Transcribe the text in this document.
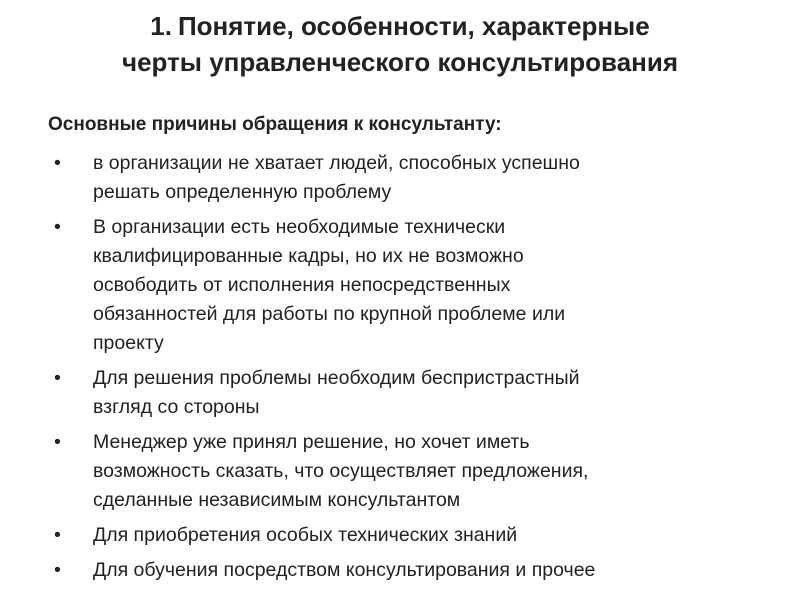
1. Понятие, особенности, характерные
черты управленческого консультирования
Основные причины обращения к консультанту:
• в организации не хватает людей, способных успешно
решать определенную проблему
• В организации есть необходимые технически
квалифицированные кадры, но их не возможно
освободить от исполнения непосредственных
обязанностей для работы по крупной проблеме или
проекту
• Для решения проблемы необходим беспристрастный
взгляд со стороны
• Менеджер уже принял решение, но хочет иметь
возможность сказать, что осуществляет предложения,
сделанные независимым консультантом
• Для приобретения особых технических знаний
• Для обучения посредством консультирования и прочее
